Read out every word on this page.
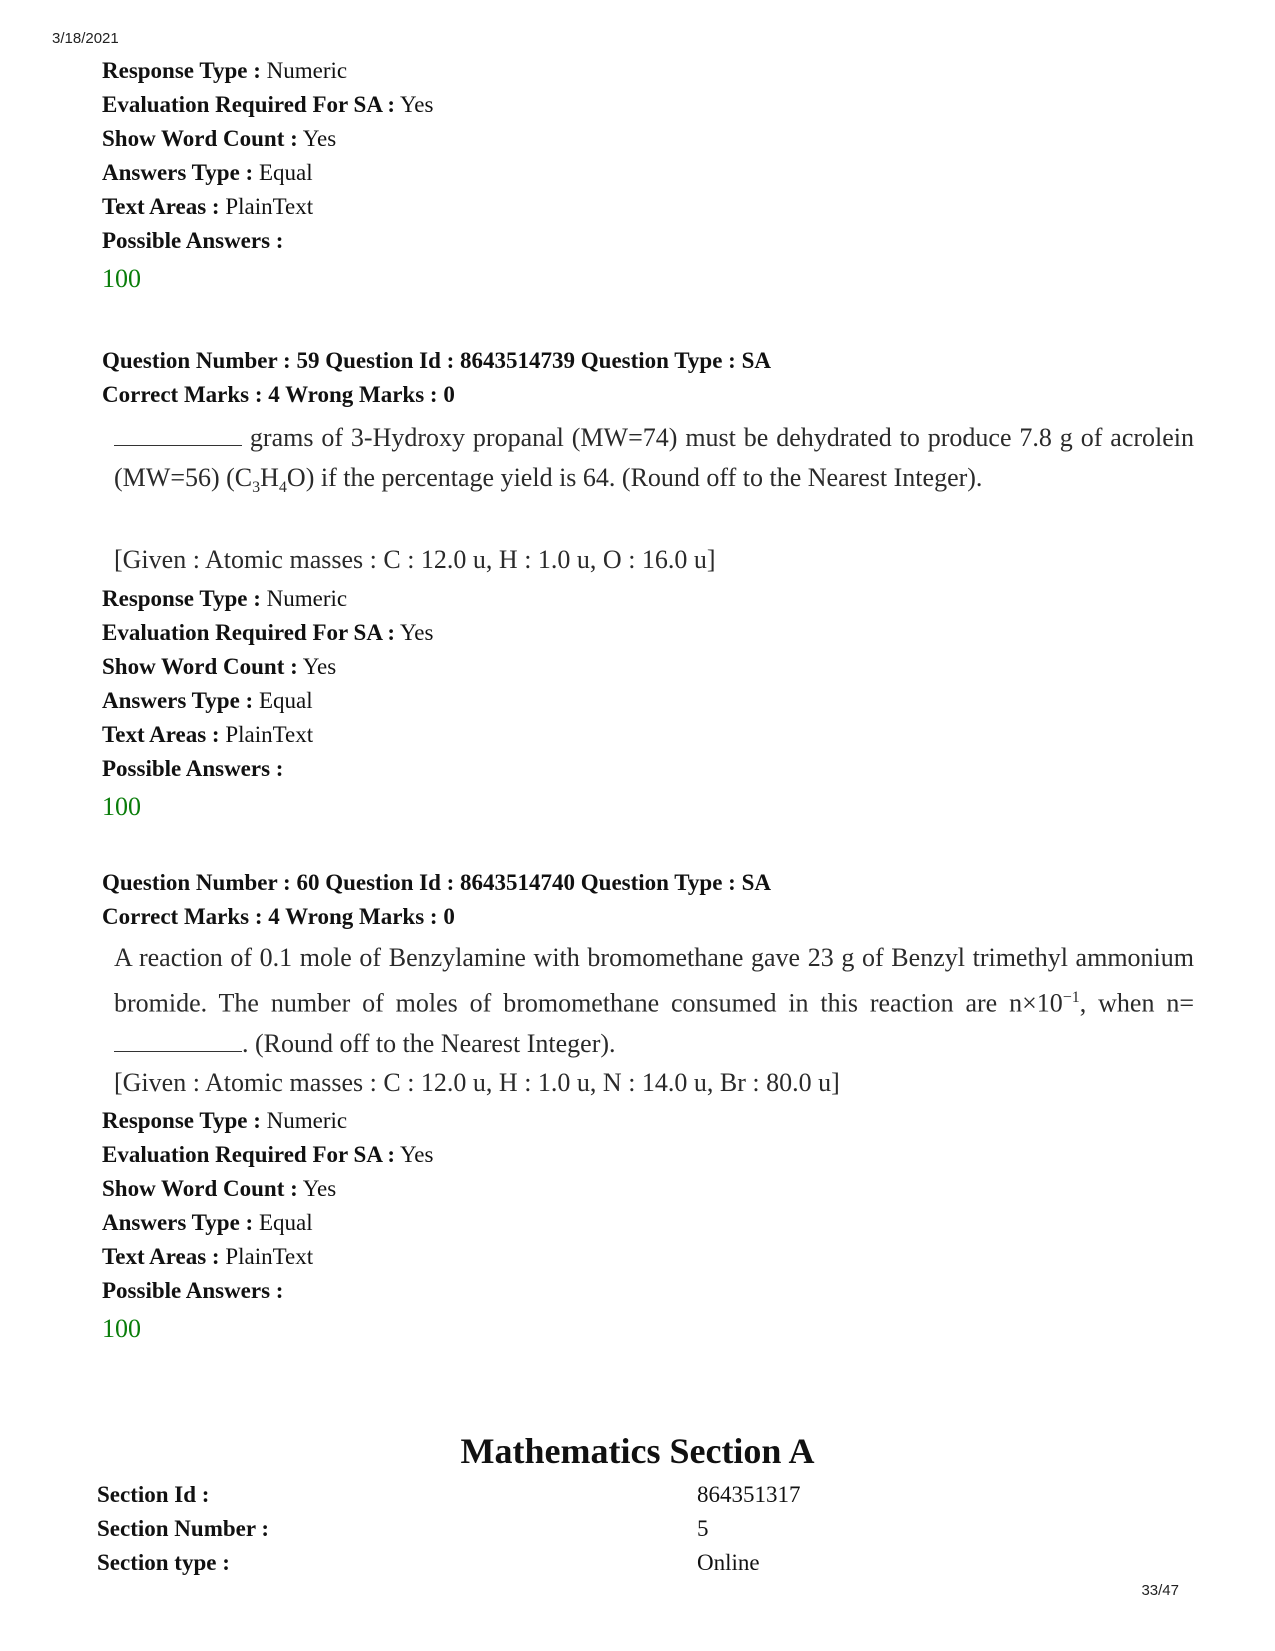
3/18/2021
Response Type : Numeric
Evaluation Required For SA : Yes
Show Word Count : Yes
Answers Type : Equal
Text Areas : PlainText
Possible Answers :
100
Question Number : 59 Question Id : 8643514739 Question Type : SA
Correct Marks : 4 Wrong Marks : 0
grams of 3-Hydroxy propanal (MW=74) must be dehydrated to produce 7.8 g of acrolein (MW=56) $(C_3H_4O)$ if the percentage yield is 64. (Round off to the Nearest Integer).
[Given : Atomic masses : C : 12.0 u, H : 1.0 u, O : 16.0 u]
Response Type : Numeric
Evaluation Required For SA : Yes
Show Word Count : Yes
Answers Type : Equal
Text Areas : PlainText
Possible Answers :
100
Question Number : 60 Question Id : 8643514740 Question Type : SA
Correct Marks : 4 Wrong Marks : 0
A reaction of 0.1 mole of Benzylamine with bromomethane gave 23 g of Benzyl trimethyl ammonium bromide. The number of moles of bromomethane consumed in this reaction are $n\times 10^{-1}$, when n=. (Round off to the Nearest Integer).
[Given : Atomic masses : C : 12.0 u, H : 1.0 u, N : 14.0 u, Br : 80.0 u]
Response Type : Numeric
Evaluation Required For SA : Yes
Show Word Count : Yes
Answers Type : Equal
Text Areas : PlainText
Possible Answers :
100
Mathematics Section A
Section Id :	864351317
Section Number :	5
Section type :	Online
33/47
